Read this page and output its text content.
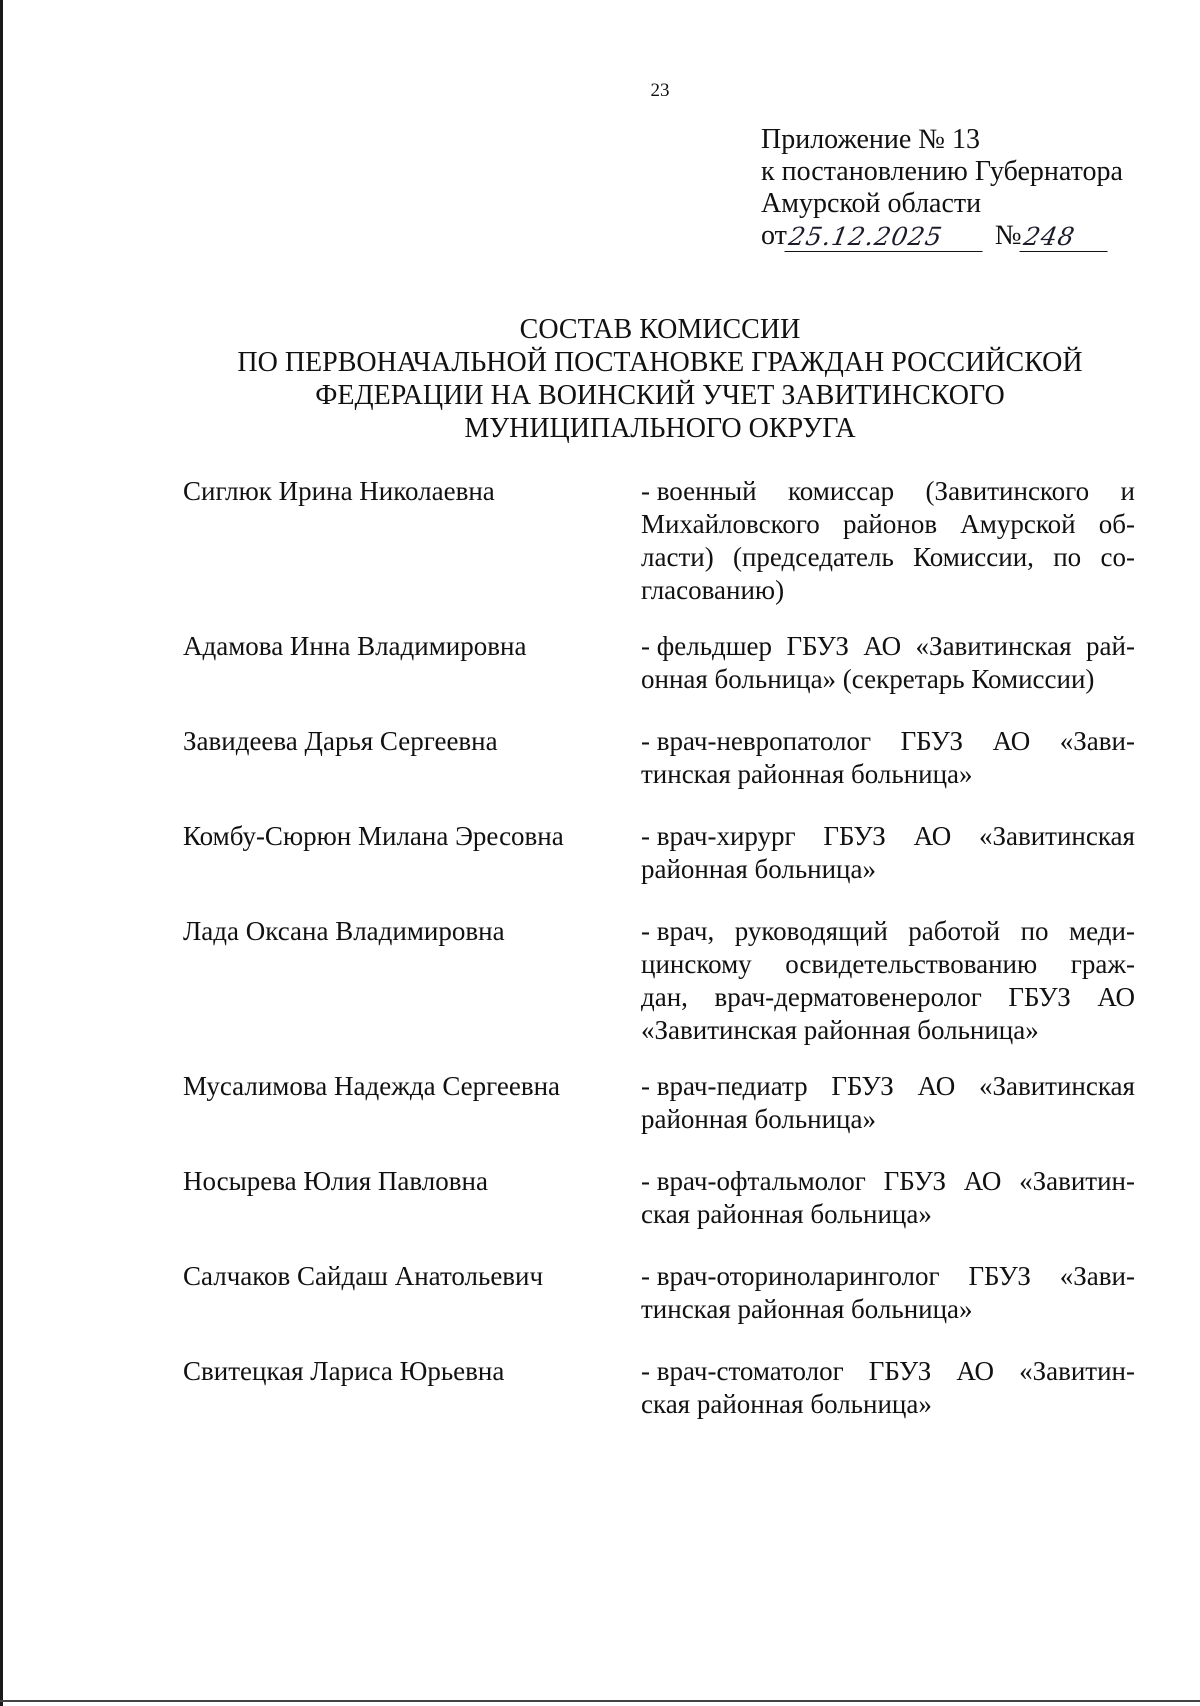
23
Приложение № 13
к постановлению Губернатора
Амурской области
от 25.12.2025	№ 248
СОСТАВ КОМИССИИ
ПО ПЕРВОНАЧАЛЬНОЙ ПОСТАНОВКЕ ГРАЖДАН РОССИЙСКОЙ
ФЕДЕРАЦИИ НА ВОИНСКИЙ УЧЕТ ЗАВИТИНСКОГО
МУНИЦИПАЛЬНОГО ОКРУГА
Сиглюк Ирина Николаевна	- военный комиссар (Завитинского и
Михайловского районов Амурской об-
ласти) (председатель Комиссии, по со-
гласованию)
Адамова Инна Владимировна	- фельдшер ГБУЗ АО «Завитинская рай-
онная больница» (секретарь Комиссии)
Завидеева Дарья Сергеевна	- врач-невропатолог ГБУЗ АО «Зави-
тинская районная больница»
Комбу-Сюрюн Милана Эресовна	- врач-хирург ГБУЗ АО «Завитинская
районная больница»
Лада Оксана Владимировна	- врач, руководящий работой по меди-
цинскому освидетельствованию граж-
дан, врач-дерматовенеролог ГБУЗ АО
«Завитинская районная больница»
Мусалимова Надежда Сергеевна	- врач-педиатр ГБУЗ АО «Завитинская
районная больница»
Носырева Юлия Павловна	- врач-офтальмолог ГБУЗ АО «Завитин-
ская районная больница»
Салчаков Сайдаш Анатольевич	- врач-оториноларинголог ГБУЗ «Зави-
тинская районная больница»
Свитецкая Лариса Юрьевна	- врач-стоматолог ГБУЗ АО «Завитин-
ская районная больница»
